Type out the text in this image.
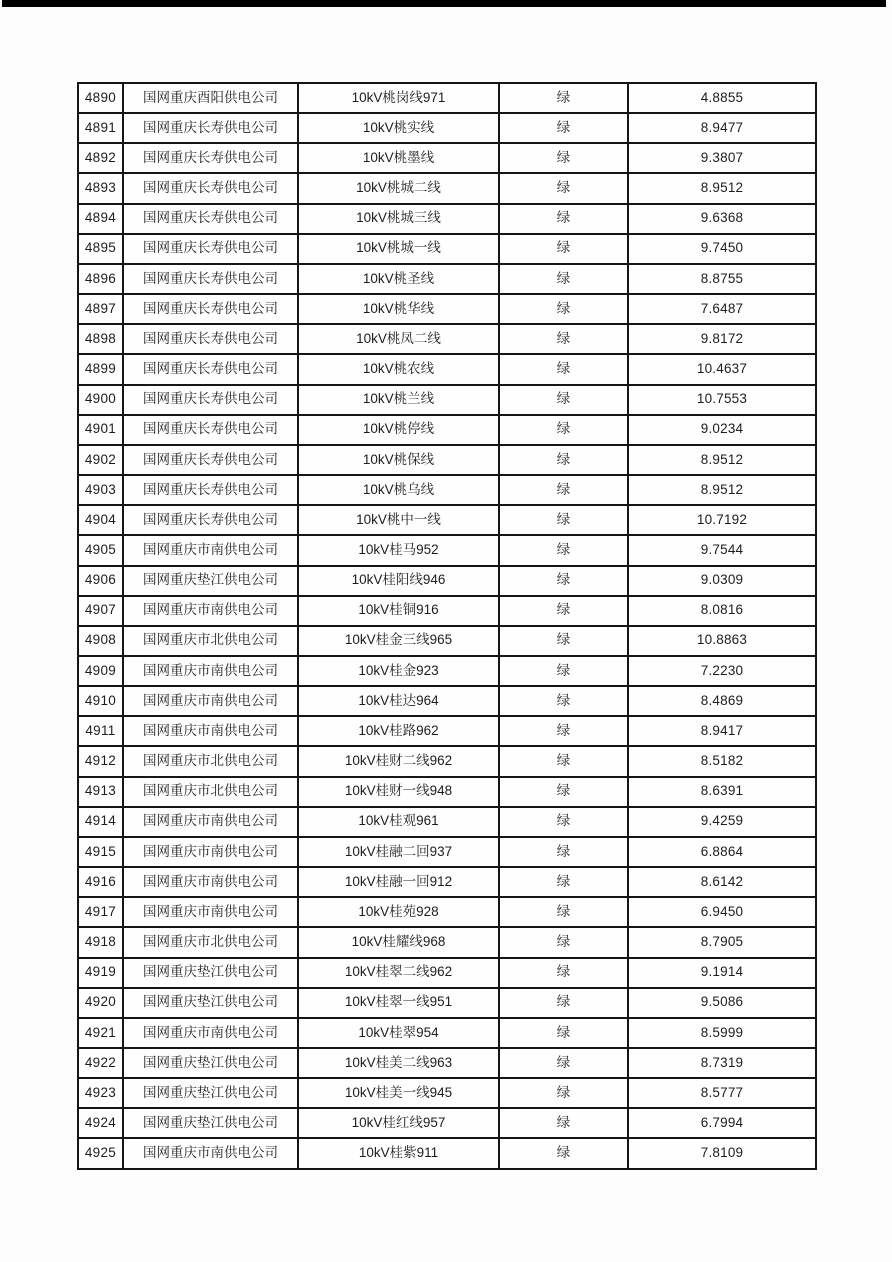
4890	国网重庆酉阳供电公司	10kV桃岗线971	绿	4.8855
4891	国网重庆长寿供电公司	10kV桃实线	绿	8.9477
4892	国网重庆长寿供电公司	10kV桃墨线	绿	9.3807
4893	国网重庆长寿供电公司	10kV桃城二线	绿	8.9512
4894	国网重庆长寿供电公司	10kV桃城三线	绿	9.6368
4895	国网重庆长寿供电公司	10kV桃城一线	绿	9.7450
4896	国网重庆长寿供电公司	10kV桃圣线	绿	8.8755
4897	国网重庆长寿供电公司	10kV桃华线	绿	7.6487
4898	国网重庆长寿供电公司	10kV桃凤二线	绿	9.8172
4899	国网重庆长寿供电公司	10kV桃农线	绿	10.4637
4900	国网重庆长寿供电公司	10kV桃兰线	绿	10.7553
4901	国网重庆长寿供电公司	10kV桃停线	绿	9.0234
4902	国网重庆长寿供电公司	10kV桃保线	绿	8.9512
4903	国网重庆长寿供电公司	10kV桃乌线	绿	8.9512
4904	国网重庆长寿供电公司	10kV桃中一线	绿	10.7192
4905	国网重庆市南供电公司	10kV桂马952	绿	9.7544
4906	国网重庆垫江供电公司	10kV桂阳线946	绿	9.0309
4907	国网重庆市南供电公司	10kV桂铜916	绿	8.0816
4908	国网重庆市北供电公司	10kV桂金三线965	绿	10.8863
4909	国网重庆市南供电公司	10kV桂金923	绿	7.2230
4910	国网重庆市南供电公司	10kV桂达964	绿	8.4869
4911	国网重庆市南供电公司	10kV桂路962	绿	8.9417
4912	国网重庆市北供电公司	10kV桂财二线962	绿	8.5182
4913	国网重庆市北供电公司	10kV桂财一线948	绿	8.6391
4914	国网重庆市南供电公司	10kV桂观961	绿	9.4259
4915	国网重庆市南供电公司	10kV桂融二回937	绿	6.8864
4916	国网重庆市南供电公司	10kV桂融一回912	绿	8.6142
4917	国网重庆市南供电公司	10kV桂苑928	绿	6.9450
4918	国网重庆市北供电公司	10kV桂耀线968	绿	8.7905
4919	国网重庆垫江供电公司	10kV桂翠二线962	绿	9.1914
4920	国网重庆垫江供电公司	10kV桂翠一线951	绿	9.5086
4921	国网重庆市南供电公司	10kV桂翠954	绿	8.5999
4922	国网重庆垫江供电公司	10kV桂美二线963	绿	8.7319
4923	国网重庆垫江供电公司	10kV桂美一线945	绿	8.5777
4924	国网重庆垫江供电公司	10kV桂红线957	绿	6.7994
4925	国网重庆市南供电公司	10kV桂紫911	绿	7.8109
